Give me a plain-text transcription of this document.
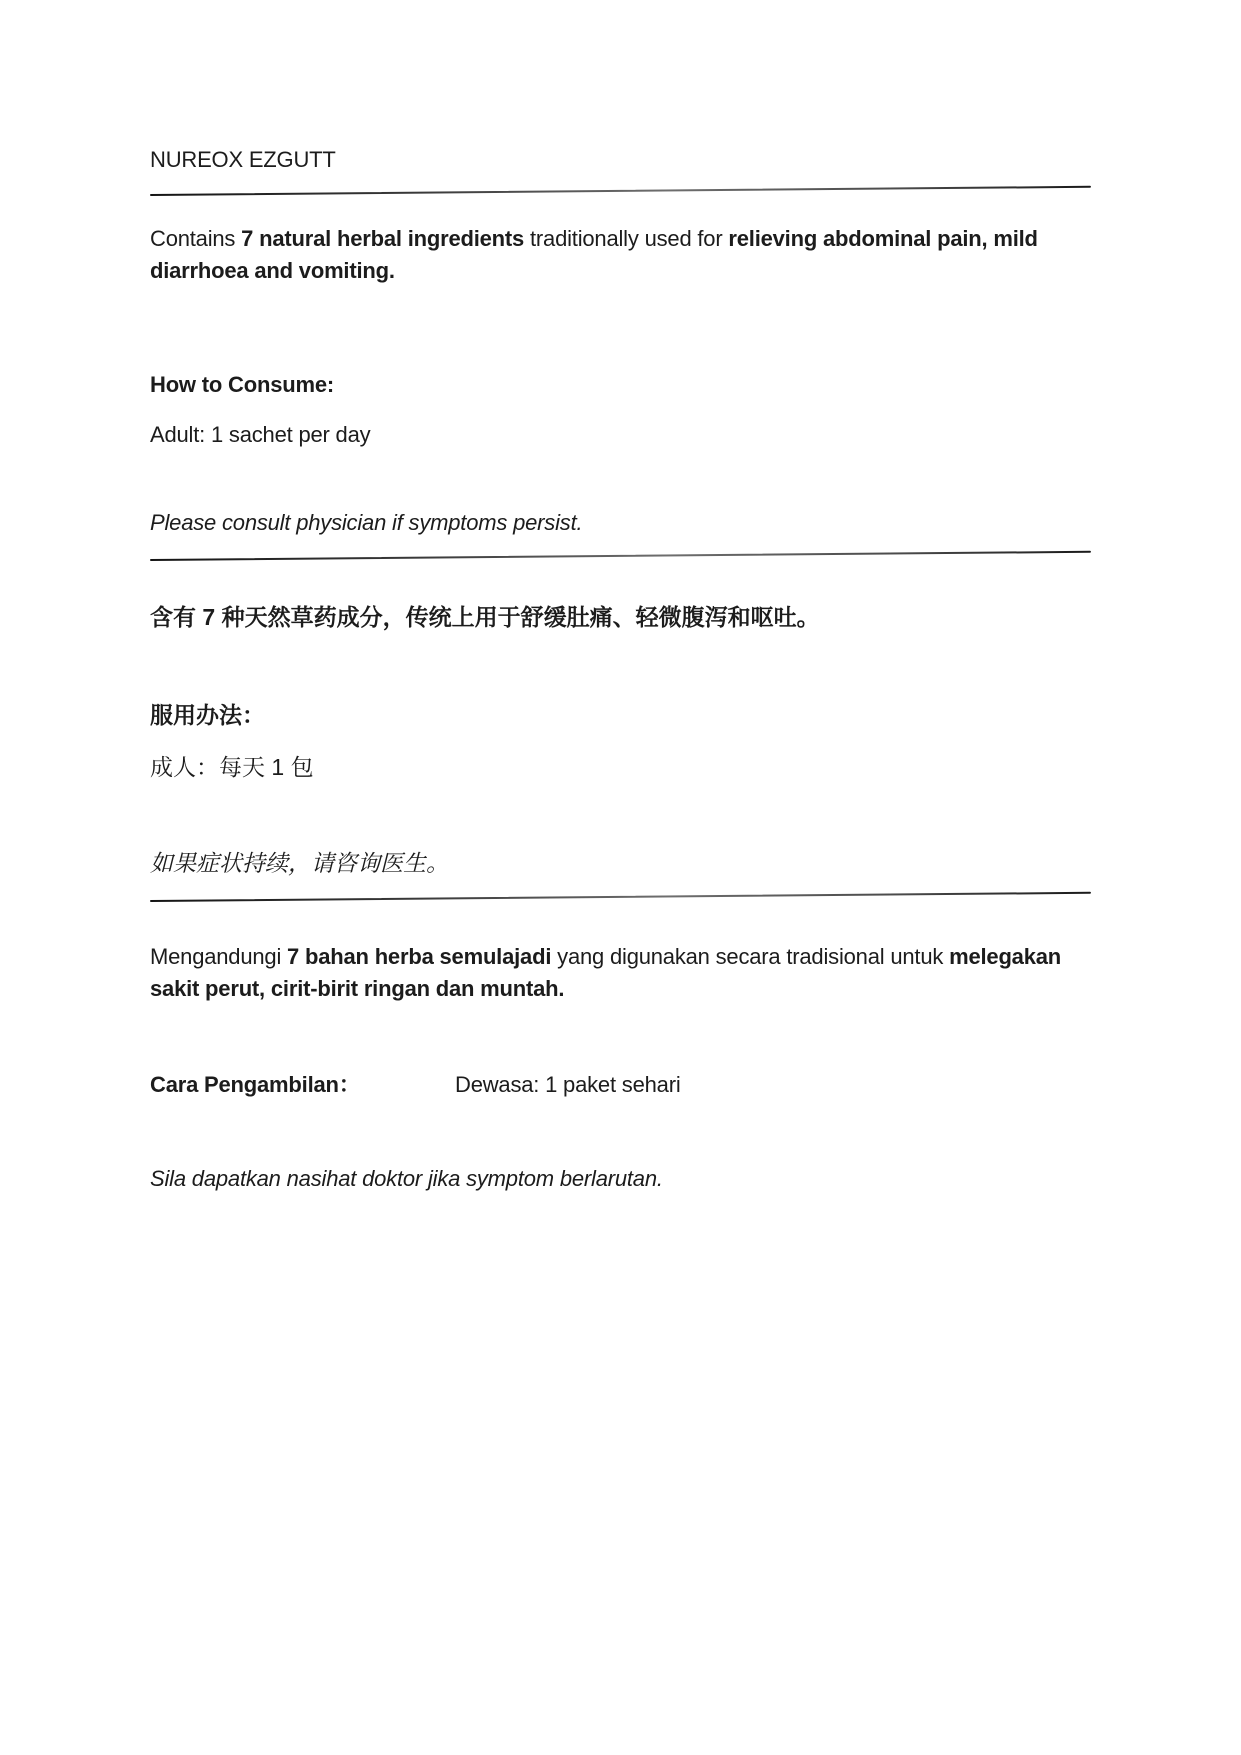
NUREOX EZGUTT

Contains 7 natural herbal ingredients traditionally used for relieving abdominal pain, mild diarrhoea and vomiting.

How to Consume:

Adult: 1 sachet per day

Please consult physician if symptoms persist.

含有 7 种天然草药成分，传统上用于舒缓肚痛、轻微腹泻和呕吐。

服用办法：

成人：每天 1 包

如果症状持续，请咨询医生。

Mengandungi 7 bahan herba semulajadi yang digunakan secara tradisional untuk melegakan sakit perut, cirit-birit ringan dan muntah.

Cara Pengambilan：	Dewasa: 1 paket sehari

Sila dapatkan nasihat doktor jika symptom berlarutan.
